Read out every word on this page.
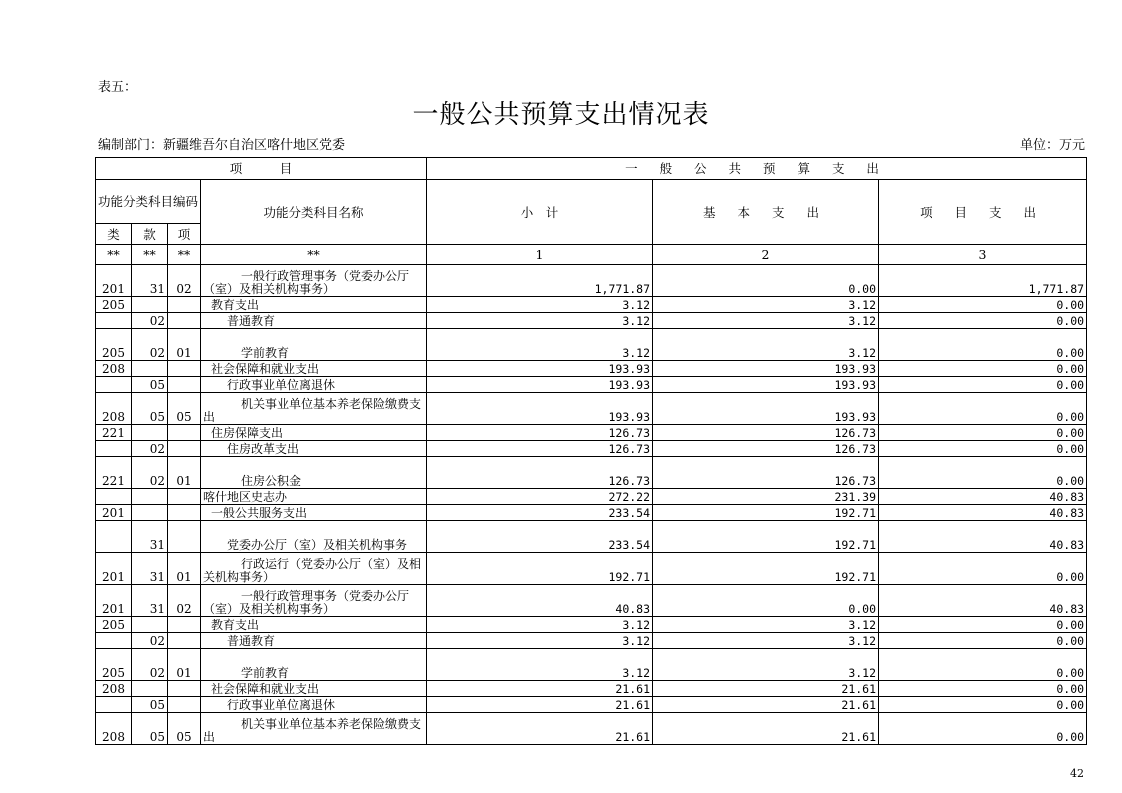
表五：
一般公共预算支出情况表
编制部门：新疆维吾尔自治区喀什地区党委	单位：万元
项　　　目				一 般 公 共 预 算 支 出		
功能分类科目编码			功能分类科目名称	小　计	基 本 支 出	项 目 支 出
类	款	项				
**	**	**	**	1	2	3
201	31	02	一般行政管理事务（党委办公厅（室）及相关机构事务）	1,771.87	0.00	1,771.87
205			教育支出	3.12	3.12	0.00
	02		普通教育	3.12	3.12	0.00
205	02	01	学前教育	3.12	3.12	0.00
208			社会保障和就业支出	193.93	193.93	0.00
	05		行政事业单位离退休	193.93	193.93	0.00
208	05	05	机关事业单位基本养老保险缴费支出	193.93	193.93	0.00
221			住房保障支出	126.73	126.73	0.00
	02		住房改革支出	126.73	126.73	0.00
221	02	01	住房公积金	126.73	126.73	0.00
			喀什地区史志办	272.22	231.39	40.83
201			一般公共服务支出	233.54	192.71	40.83
	31		党委办公厅（室）及相关机构事务	233.54	192.71	40.83
201	31	01	行政运行（党委办公厅（室）及相关机构事务）	192.71	192.71	0.00
201	31	02	一般行政管理事务（党委办公厅（室）及相关机构事务）	40.83	0.00	40.83
205			教育支出	3.12	3.12	0.00
	02		普通教育	3.12	3.12	0.00
205	02	01	学前教育	3.12	3.12	0.00
208			社会保障和就业支出	21.61	21.61	0.00
	05		行政事业单位离退休	21.61	21.61	0.00
208	05	05	机关事业单位基本养老保险缴费支出	21.61	21.61	0.00
42
